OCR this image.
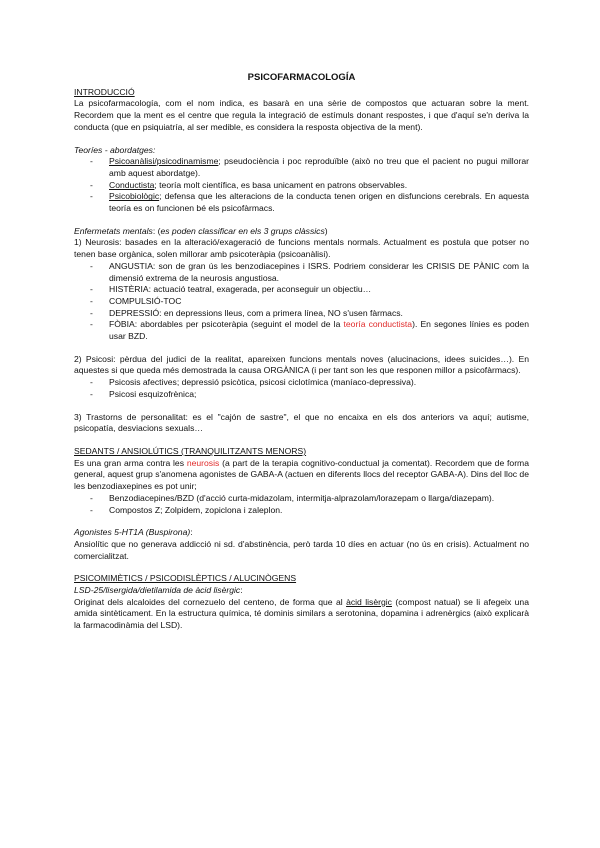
PSICOFARMACOLOGÍA
INTRODUCCIÓ

La psicofarmacología, com el nom indica, es basarà en una sèrie de compostos que actuaran sobre la ment. Recordem que la ment es el centre que regula la integració de estímuls donant respostes, i que d'aquí se'n deriva la conducta (que en psiquiatría, al ser medible, es considera la resposta objectiva de la ment).

Teoríes - abordatges:
- Psicoanàlisi/psicodinamisme; pseudociència i poc reproduïble (això no treu que el pacient no pugui millorar amb aquest abordatge).
- Conductista; teoría molt científica, es basa unicament en patrons observables.
- Psicobiològic; defensa que les alteracions de la conducta tenen origen en disfuncions cerebrals. En aquesta teoría es on funcionen bé els psicofàrmacs.
Enfermetats mentals: (es poden classificar en els 3 grups clàssics)

1) Neurosis: basades en la alteració/exageració de funcions mentals normals. Actualment es postula que potser no tenen base orgànica, solen millorar amb psicoteràpia (psicoanàlisi).

- ANGUSTIA: son de gran ús les benzodiacepines i ISRS. Podriem considerar les CRISIS DE PÀNIC com la dimensió extrema de la neurosis angustiosa.
- HISTÈRIA: actuació teatral, exagerada, per aconseguir un objectiu…
- COMPULSIÓ-TOC
- DEPRESSIÓ: en depressions lleus, com a primera línea, NO s'usen fàrmacs.
- FÒBIA: abordables per psicoteràpia (seguint el model de la teoría conductista). En segones línies es poden usar BZD.

2) Psicosi: pèrdua del judici de la realitat, apareixen funcions mentals noves (alucinacions, idees suicides…). En aquestes si que queda més demostrada la causa ORGÀNICA (i per tant son les que responen millor a psicofàrmacs).

- Psicosis afectives; depressió psicòtica, psicosi ciclotímica (maníaco-depressiva).
- Psicosi esquizofrènica;

3) Trastorns de personalitat: es el "cajón de sastre", el que no encaixa en els dos anteriors va aquí; autisme, psicopatía, desviacions sexuals…

SEDANTS / ANSIOLÚTICS (TRANQUILITZANTS MENORS)

Es una gran arma contra les neurosis (a part de la terapia cognitivo-conductual ja comentat). Recordem que de forma general, aquest grup s'anomena agonistes de GABA-A (actuen en diferents llocs del receptor GABA-A). Dins del lloc de les benzodiaxepines es pot unir;

- Benzodiacepines/BZD (d'acció curta-midazolam, intermitja-alprazolam/lorazepam o llarga/diazepam).
- Compostos Z; Zolpidem, zopiclona i zaleplon.
Agonistes 5-HT1A (Buspirona):

Ansiolític que no generava addicció ni sd. d'abstinència, però tarda 10 díes en actuar (no ús en crisis). Actualment no comercialitzat.

PSICOMIMÈTICS / PSICODISLÈPTICS / ALUCINÒGENS
LSD-25/lisergida/dietilamida de àcid lisèrgic:

Originat dels alcaloides del cornezuelo del centeno, de forma que al àcid lisèrgic (compost natual) se li afegeix una amida sintèticament. En la estructura química, té dominis similars a serotonina, dopamina i adrenèrgics (això explicarà la farmacodinàmia del LSD).
